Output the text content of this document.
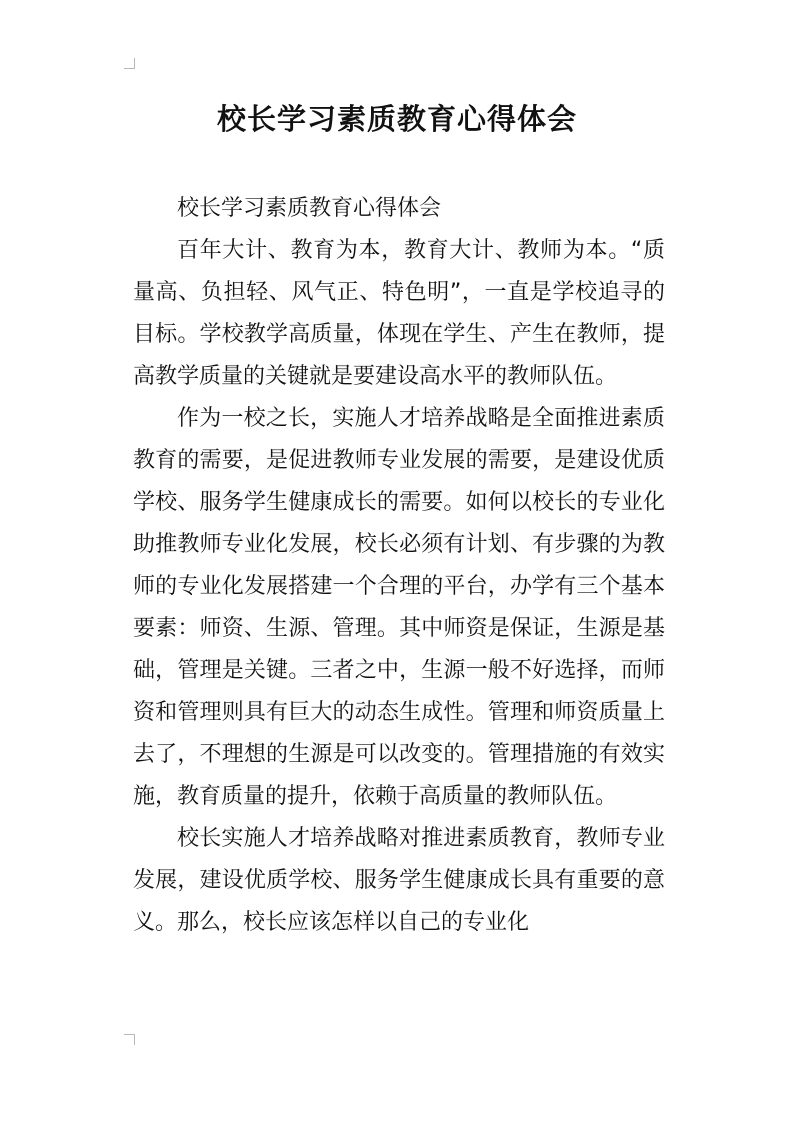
校长学习素质教育心得体会

校长学习素质教育心得体会

百年大计、教育为本，教育大计、教师为本。“质量高、负担轻、风气正、特色明”，一直是学校追寻的目标。学校教学高质量，体现在学生、产生在教师，提高教学质量的关键就是要建设高水平的教师队伍。

作为一校之长，实施人才培养战略是全面推进素质教育的需要，是促进教师专业发展的需要，是建设优质学校、服务学生健康成长的需要。如何以校长的专业化助推教师专业化发展，校长必须有计划、有步骤的为教师的专业化发展搭建一个合理的平台，办学有三个基本要素：师资、生源、管理。其中师资是保证，生源是基础，管理是关键。三者之中，生源一般不好选择，而师资和管理则具有巨大的动态生成性。管理和师资质量上去了，不理想的生源是可以改变的。管理措施的有效实施，教育质量的提升，依赖于高质量的教师队伍。

校长实施人才培养战略对推进素质教育，教师专业发展，建设优质学校、服务学生健康成长具有重要的意义。那么，校长应该怎样以自己的专业化
